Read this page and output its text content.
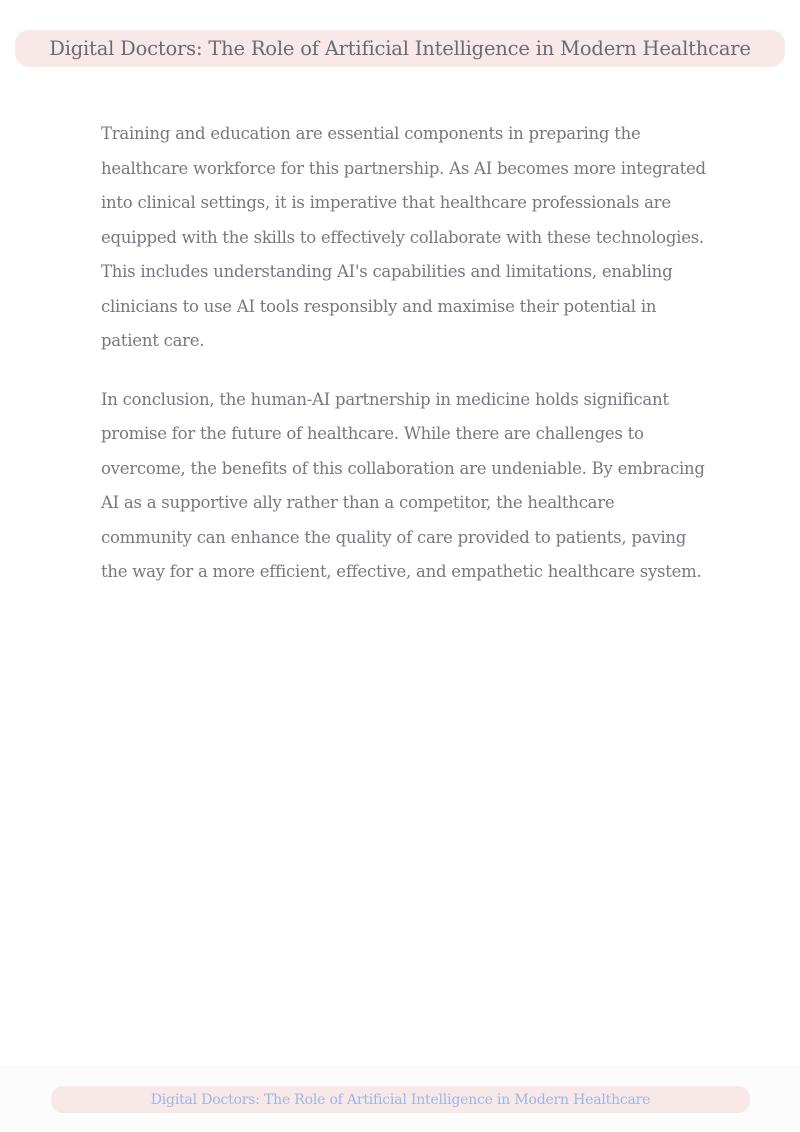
Digital Doctors: The Role of Artificial Intelligence in Modern Healthcare

Training and education are essential components in preparing the healthcare workforce for this partnership. As AI becomes more integrated into clinical settings, it is imperative that healthcare professionals are equipped with the skills to effectively collaborate with these technologies. This includes understanding AI's capabilities and limitations, enabling clinicians to use AI tools responsibly and maximise their potential in patient care.

In conclusion, the human-AI partnership in medicine holds significant promise for the future of healthcare. While there are challenges to overcome, the benefits of this collaboration are undeniable. By embracing AI as a supportive ally rather than a competitor, the healthcare community can enhance the quality of care provided to patients, paving the way for a more efficient, effective, and empathetic healthcare system.

Digital Doctors: The Role of Artificial Intelligence in Modern Healthcare
